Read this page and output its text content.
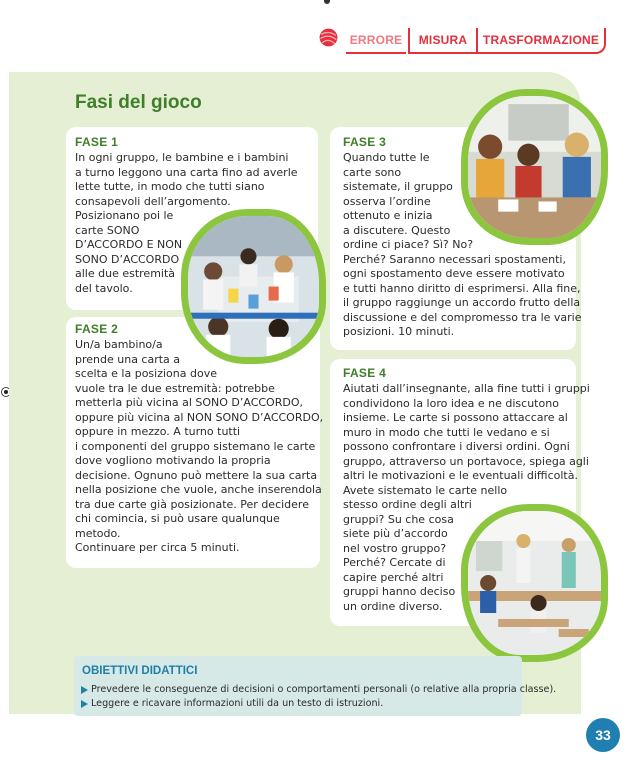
ERRORE	MISURA	TRASFORMAZIONE
Fasi del gioco
FASE 1

In ogni gruppo, le bambine e i bambini

a turno leggono una carta fino ad averle

lette tutte, in modo che tutti siano

consapevoli dell’argomento.

Posizionano poi le

carte SONO

D’ACCORDO E NON

SONO D’ACCORDO

alle due estremità

del tavolo.

FASE 2

Un/a bambino/a

prende una carta a

scelta e la posiziona dove

vuole tra le due estremità: potrebbe

metterla più vicina al SONO D’ACCORDO,

oppure più vicina al NON SONO D’ACCORDO,

oppure in mezzo. A turno tutti

i componenti del gruppo sistemano le carte

dove vogliono motivando la propria

decisione. Ognuno può mettere la sua carta

nella posizione che vuole, anche inserendola

tra due carte già posizionate. Per decidere

chi comincia, si può usare qualunque

metodo.

Continuare per circa 5 minuti.

FASE 3

Quando tutte le

carte sono

sistemate, il gruppo

osserva l’ordine

ottenuto e inizia

a discutere. Questo

ordine ci piace? Sì? No?

Perché? Saranno necessari spostamenti,

ogni spostamento deve essere motivato

e tutti hanno diritto di esprimersi. Alla fine,

il gruppo raggiunge un accordo frutto della

discussione e del compromesso tra le varie

posizioni. 10 minuti.

FASE 4

Aiutati dall’insegnante, alla fine tutti i gruppi

condividono la loro idea e ne discutono

insieme. Le carte si possono attaccare al

muro in modo che tutti le vedano e si

possono confrontare i diversi ordini. Ogni

gruppo, attraverso un portavoce, spiega agli

altri le motivazioni e le eventuali difficoltà.

Avete sistemato le carte nello

stesso ordine degli altri

gruppi? Su che cosa

siete più d’accordo

nel vostro gruppo?

Perché? Cercate di

capire perché altri

gruppi hanno deciso

un ordine diverso.

OBIETTIVI DIDATTICI

Prevedere le conseguenze di decisioni o comportamenti personali (o relative alla propria classe).

Leggere e ricavare informazioni utili da un testo di istruzioni.

33
